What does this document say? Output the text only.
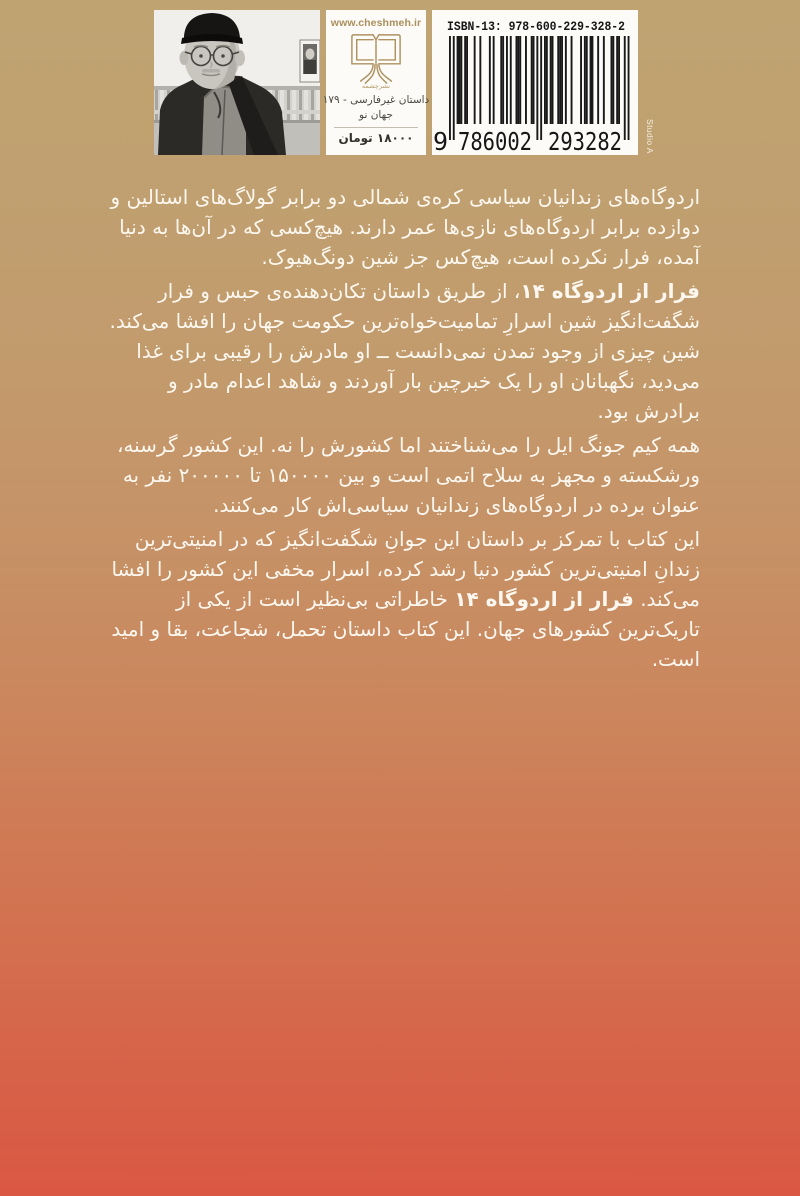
www.cheshmeh.ir
نشرچشمه
داستان غیرفارسی - ۱۷۹
جهان نو
۱۸۰۰۰ تومان
ISBN-13: 978-600-229-328-2
9 786002 293282	Studio A

اردوگاه‌های زندانیان سیاسی کره‌ی شمالی دو برابر گولاگ‌های استالین و دوازده برابر اردوگاه‌های نازی‌ها عمر دارند. هیچ‌کسی که در آن‌ها به دنیا آمده، فرار نکرده است، هیچ‌کس جز شین دونگ‌هیوک.

فرار از اردوگاه ۱۴، از طریق داستان تکان‌دهنده‌ی حبس و فرار شگفت‌انگیز شین اسرارِ تمامیت‌خواه‌ترین حکومت جهان را افشا می‌کند. شین چیزی از وجود تمدن نمی‌دانست ــ او مادرش را رقیبی برای غذا می‌دید، نگهبانان او را یک خبرچین بار آوردند و شاهد اعدام مادر و برادرش بود.

همه کیم جونگ ایل را می‌شناختند اما کشورش را نه. این کشور گرسنه، ورشکسته و مجهز به سلاح اتمی است و بین ۱۵۰۰۰۰ تا ۲۰۰۰۰۰ نفر به عنوان برده در اردوگاه‌های زندانیان سیاسی‌اش کار می‌کنند.

این کتاب با تمرکز بر داستان این جوانِ شگفت‌انگیز که در امنیتی‌ترین زندانِ امنیتی‌ترین کشور دنیا رشد کرده، اسرار مخفی این کشور را افشا می‌کند. فرار از اردوگاه ۱۴ خاطراتی بی‌نظیر است از یکی از تاریک‌ترین کشورهای جهان. این کتاب داستان تحمل، شجاعت، بقا و امید است.
